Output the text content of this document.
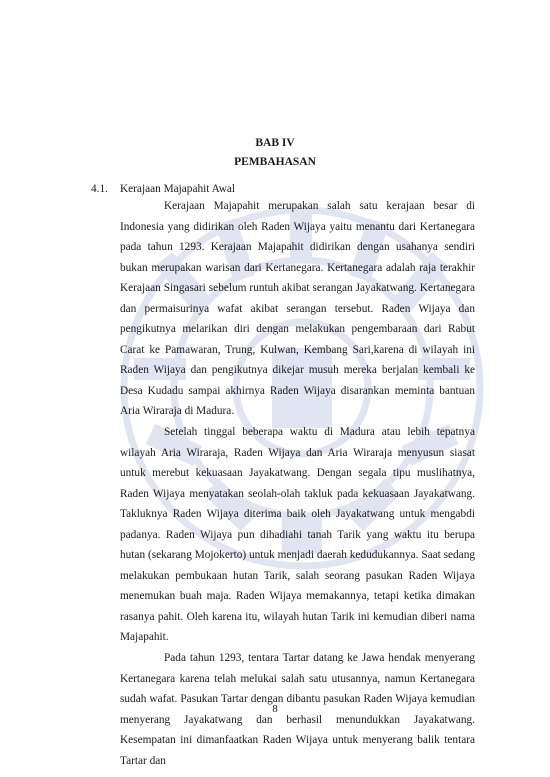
BAB IV
PEMBAHASAN
4.1. Kerajaan Majapahit Awal

Kerajaan Majapahit merupakan salah satu kerajaan besar di Indonesia yang didirikan oleh Raden Wijaya yaitu menantu dari Kertanegara pada tahun 1293. Kerajaan Majapahit didirikan dengan usahanya sendiri bukan merupakan warisan dari Kertanegara. Kertanegara adalah raja terakhir Kerajaan Singasari sebelum runtuh akibat serangan Jayakatwang. Kertanegara dan permaisurinya wafat akibat serangan tersebut. Raden Wijaya dan pengikutnya melarikan diri dengan melakukan pengembaraan dari Rabut Carat ke Pamawaran, Trung, Kulwan, Kembang Sari,karena di wilayah ini Raden Wijaya dan pengikutnya dikejar musuh mereka berjalan kembali ke Desa Kudadu sampai akhirnya Raden Wijaya disarankan meminta bantuan Aria Wiraraja di Madura.

Setelah tinggal beberapa waktu di Madura atau lebih tepatnya wilayah Aria Wiraraja, Raden Wijaya dan Aria Wiraraja menyusun siasat untuk merebut kekuasaan Jayakatwang. Dengan segala tipu muslihatnya, Raden Wijaya menyatakan seolah-olah takluk pada kekuasaan Jayakatwang. Takluknya Raden Wijaya diterima baik oleh Jayakatwang untuk mengabdi padanya. Raden Wijaya pun dihadiahi tanah Tarik yang waktu itu berupa hutan (sekarang Mojokerto) untuk menjadi daerah kedudukannya. Saat sedang melakukan pembukaan hutan Tarik, salah seorang pasukan Raden Wijaya menemukan buah maja. Raden Wijaya memakannya, tetapi ketika dimakan rasanya pahit. Oleh karena itu, wilayah hutan Tarik ini kemudian diberi nama Majapahit.

Pada tahun 1293, tentara Tartar datang ke Jawa hendak menyerang Kertanegara karena telah melukai salah satu utusannya, namun Kertanegara sudah wafat. Pasukan Tartar dengan dibantu pasukan Raden Wijaya kemudian menyerang Jayakatwang dan berhasil menundukkan Jayakatwang. Kesempatan ini dimanfaatkan Raden Wijaya untuk menyerang balik tentara Tartar dan

8
